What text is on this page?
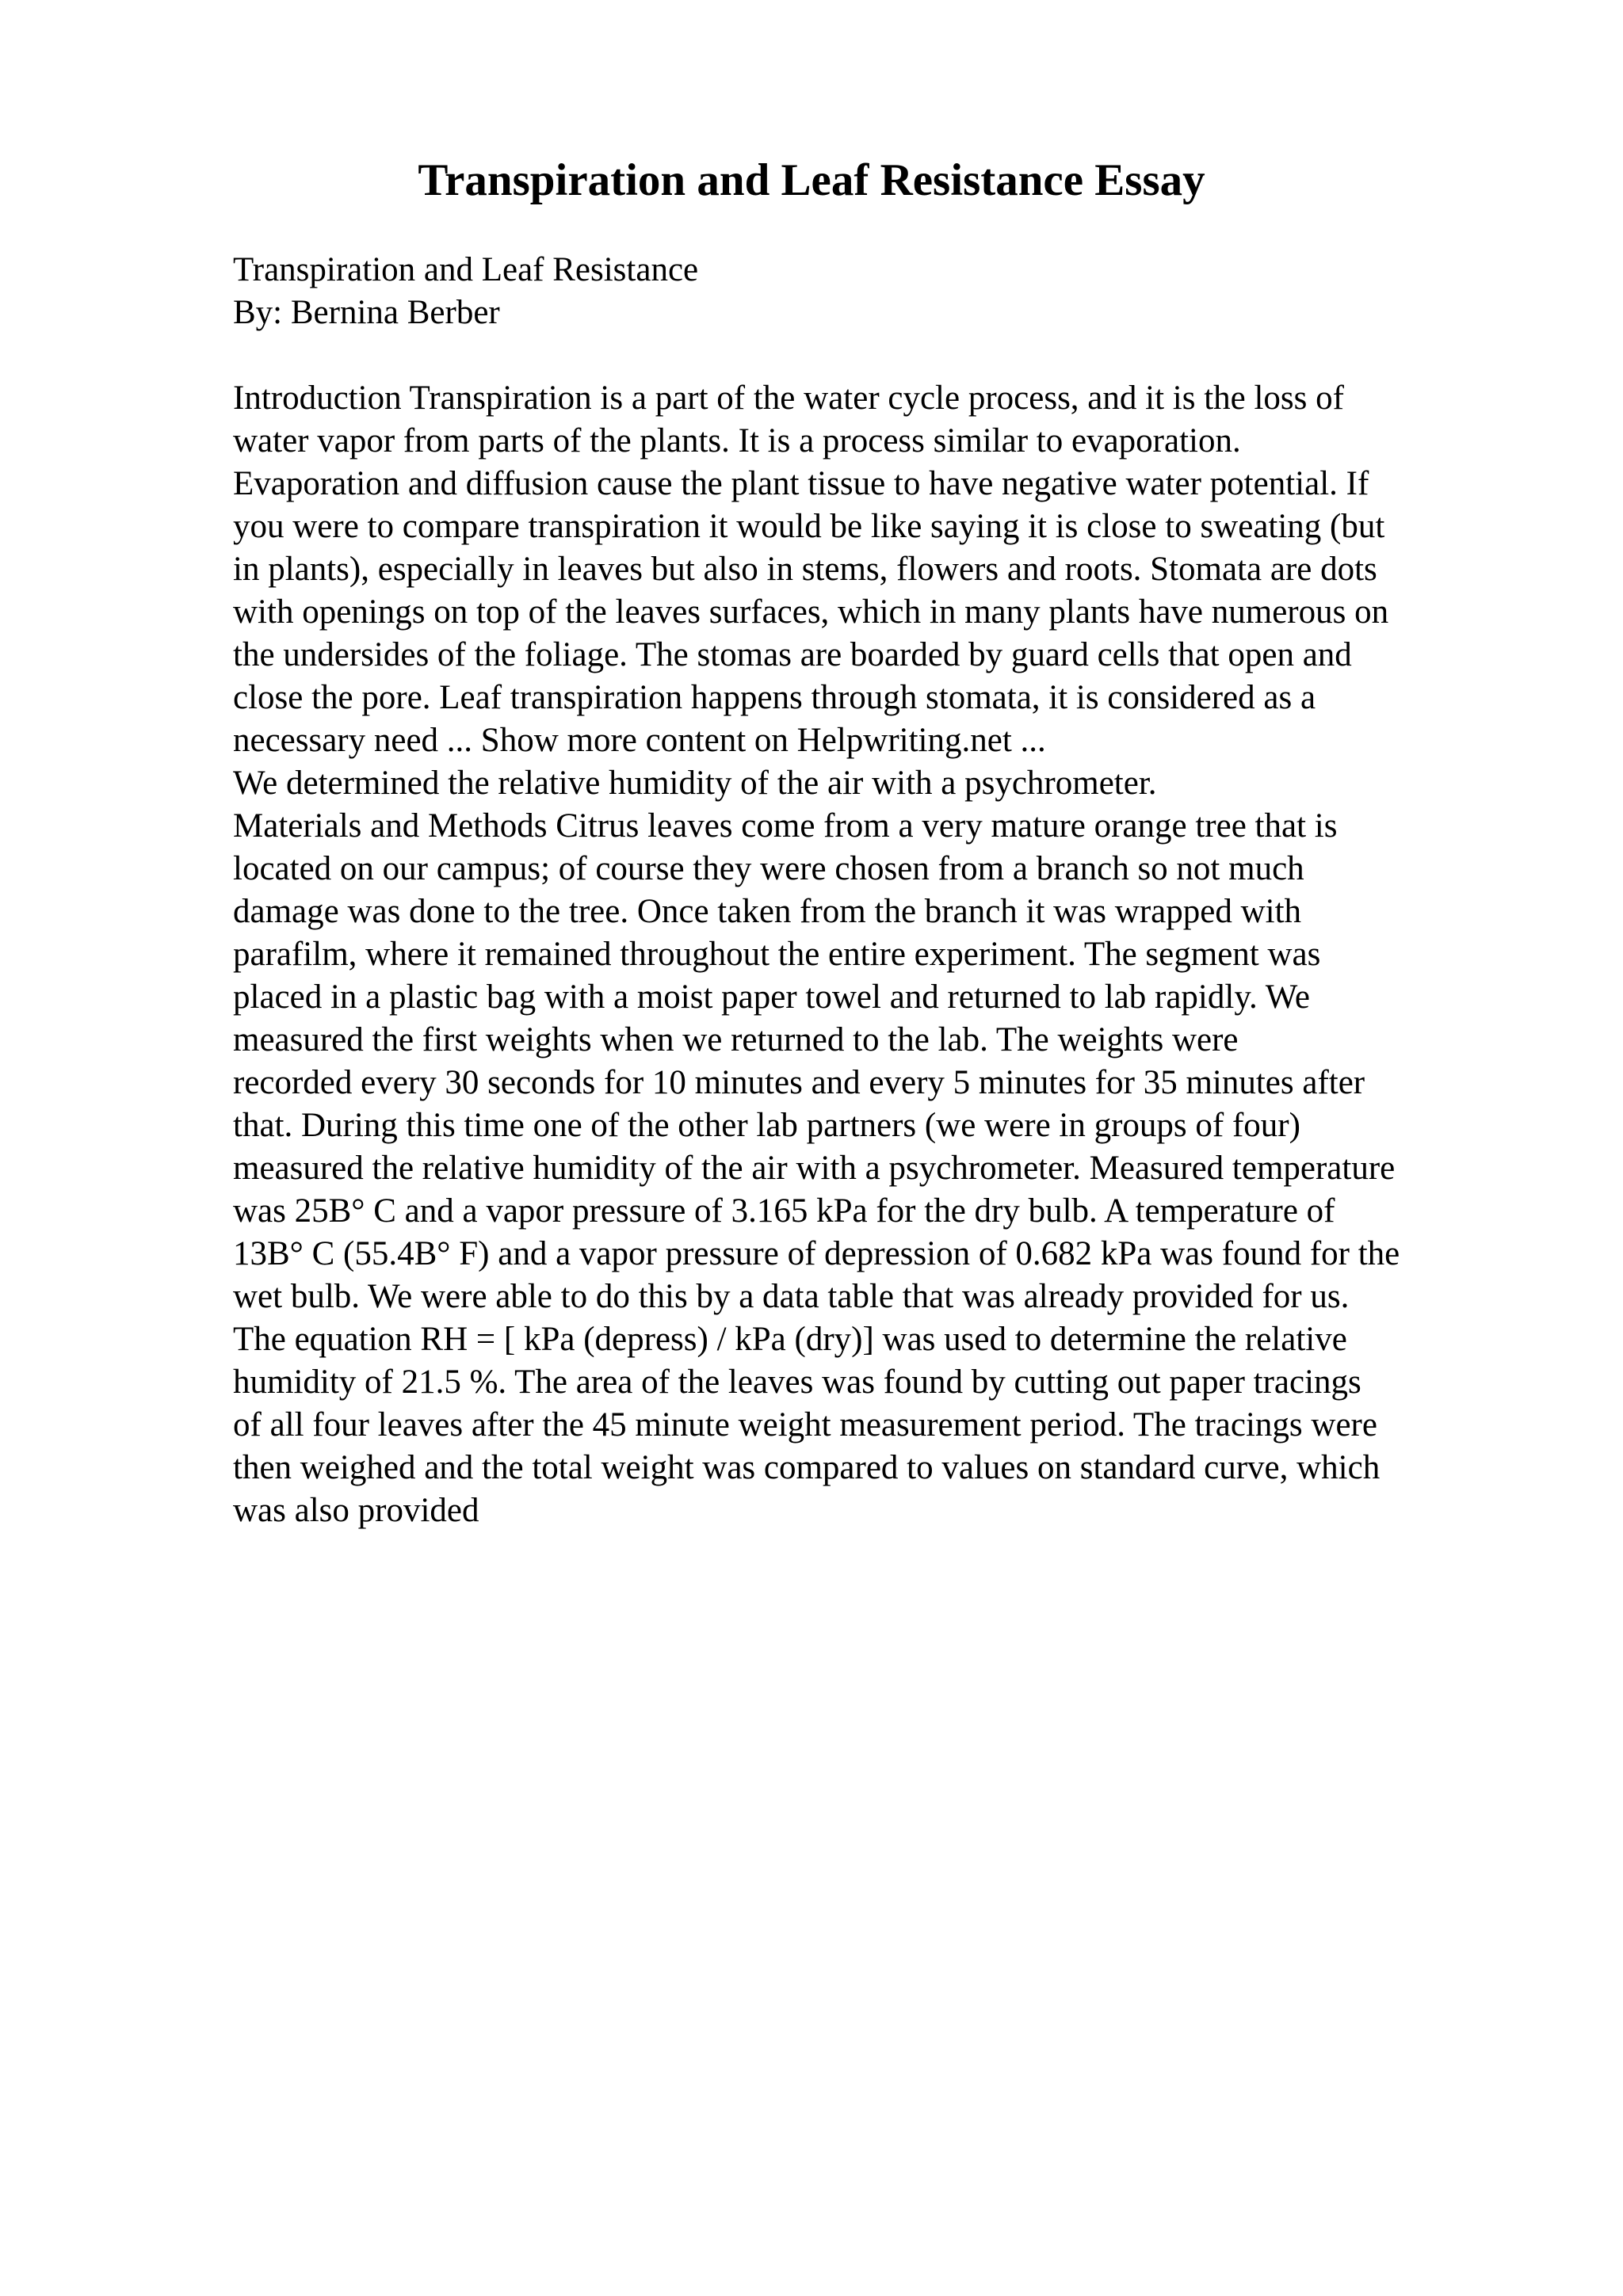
Transpiration and Leaf Resistance Essay
Transpiration and Leaf Resistance
By: Bernina Berber
Introduction Transpiration is a part of the water cycle process, and it is the loss of
water vapor from parts of the plants. It is a process similar to evaporation.
Evaporation and diffusion cause the plant tissue to have negative water potential. If
you were to compare transpiration it would be like saying it is close to sweating (but
in plants), especially in leaves but also in stems, flowers and roots. Stomata are dots
with openings on top of the leaves surfaces, which in many plants have numerous on
the undersides of the foliage. The stomas are boarded by guard cells that open and
close the pore. Leaf transpiration happens through stomata, it is considered as a
necessary need ... Show more content on Helpwriting.net ...
We determined the relative humidity of the air with a psychrometer.
Materials and Methods Citrus leaves come from a very mature orange tree that is
located on our campus; of course they were chosen from a branch so not much
damage was done to the tree. Once taken from the branch it was wrapped with
parafilm, where it remained throughout the entire experiment. The segment was
placed in a plastic bag with a moist paper towel and returned to lab rapidly. We
measured the first weights when we returned to the lab. The weights were
recorded every 30 seconds for 10 minutes and every 5 minutes for 35 minutes after
that. During this time one of the other lab partners (we were in groups of four)
measured the relative humidity of the air with a psychrometer. Measured temperature
was 25B° C and a vapor pressure of 3.165 kPa for the dry bulb. A temperature of
13B° C (55.4B° F) and a vapor pressure of depression of 0.682 kPa was found for the
wet bulb. We were able to do this by a data table that was already provided for us.
The equation RH = [ kPa (depress) / kPa (dry)] was used to determine the relative
humidity of 21.5 %. The area of the leaves was found by cutting out paper tracings
of all four leaves after the 45 minute weight measurement period. The tracings were
then weighed and the total weight was compared to values on standard curve, which
was also provided
